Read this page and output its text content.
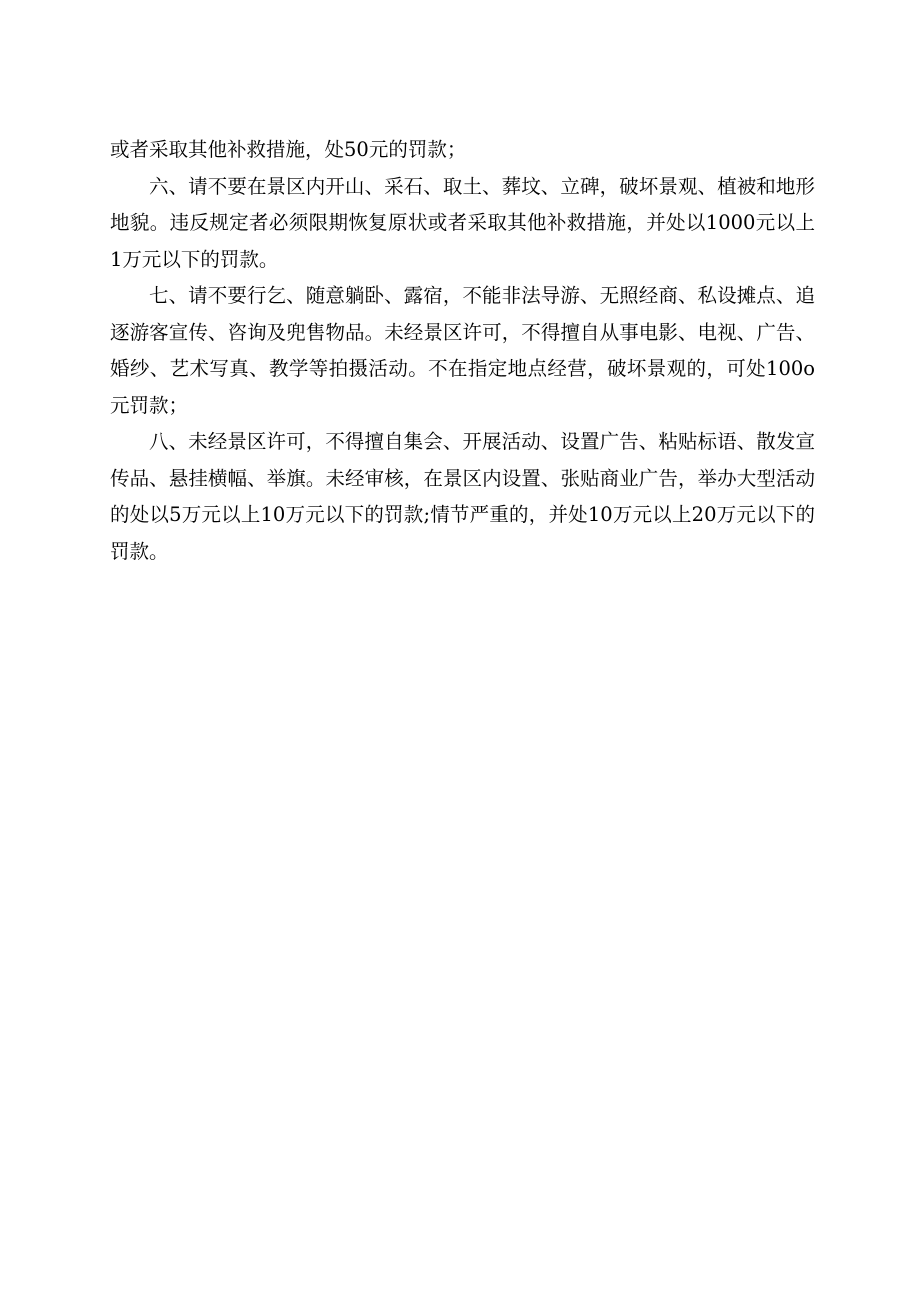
或者采取其他补救措施，处50元的罚款；

六、请不要在景区内开山、采石、取土、葬坟、立碑，破坏景观、植被和地形地貌。违反规定者必须限期恢复原状或者采取其他补救措施，并处以1000元以上1万元以下的罚款。

七、请不要行乞、随意躺卧、露宿，不能非法导游、无照经商、私设摊点、追逐游客宣传、咨询及兜售物品。未经景区许可，不得擅自从事电影、电视、广告、婚纱、艺术写真、教学等拍摄活动。不在指定地点经营，破坏景观的，可处100o元罚款；

八、未经景区许可，不得擅自集会、开展活动、设置广告、粘贴标语、散发宣传品、悬挂横幅、举旗。未经审核，在景区内设置、张贴商业广告，举办大型活动的处以5万元以上10万元以下的罚款;情节严重的，并处10万元以上20万元以下的罚款。
